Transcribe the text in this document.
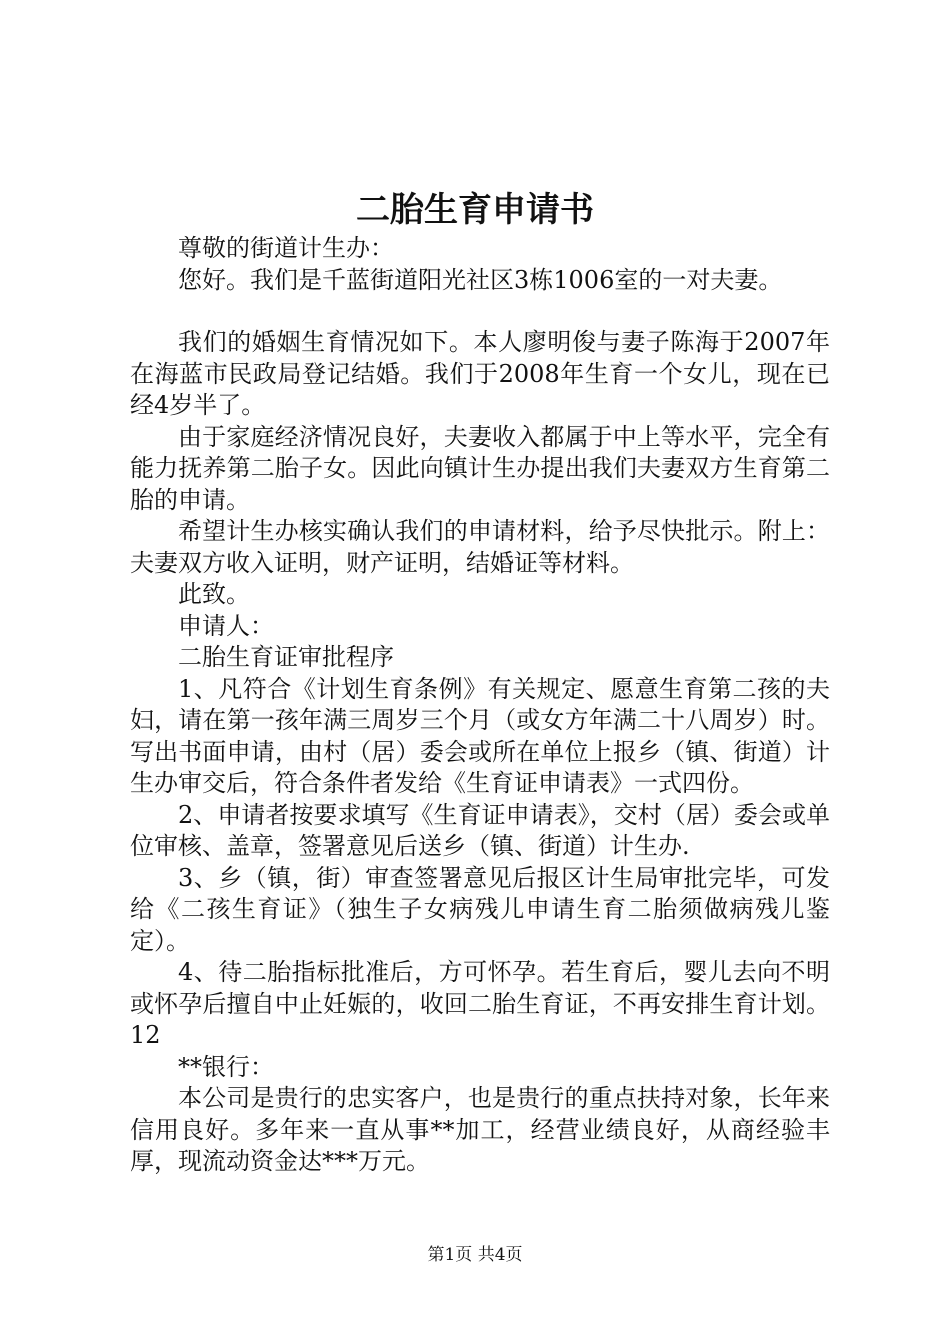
二胎生育申请书

尊敬的街道计生办：

您好。我们是千蓝街道阳光社区3栋1006室的一对夫妻。

我们的婚姻生育情况如下。本人廖明俊与妻子陈海于2007年在海蓝市民政局登记结婚。我们于2008年生育一个女儿，现在已经4岁半了。

由于家庭经济情况良好，夫妻收入都属于中上等水平，完全有能力抚养第二胎子女。因此向镇计生办提出我们夫妻双方生育第二胎的申请。

希望计生办核实确认我们的申请材料，给予尽快批示。附上：夫妻双方收入证明，财产证明，结婚证等材料。

此致。

申请人：

二胎生育证审批程序

1、凡符合《计划生育条例》有关规定、愿意生育第二孩的夫妇，请在第一孩年满三周岁三个月（或女方年满二十八周岁）时。写出书面申请，由村（居）委会或所在单位上报乡（镇、街道）计生办审交后，符合条件者发给《生育证申请表》一式四份。

2、申请者按要求填写《生育证申请表》，交村（居）委会或单位审核、盖章，签署意见后送乡（镇、街道）计生办.

3、乡（镇，街）审查签署意见后报区计生局审批完毕，可发给《二孩生育证》（独生子女病残儿申请生育二胎须做病残儿鉴定）。

4、待二胎指标批准后，方可怀孕。若生育后，婴儿去向不明或怀孕后擅自中止妊娠的，收回二胎生育证，不再安排生育计划。12

**银行：

本公司是贵行的忠实客户，也是贵行的重点扶持对象，长年来信用良好。多年来一直从事**加工，经营业绩良好，从商经验丰厚，现流动资金达***万元。

第1页 共4页
